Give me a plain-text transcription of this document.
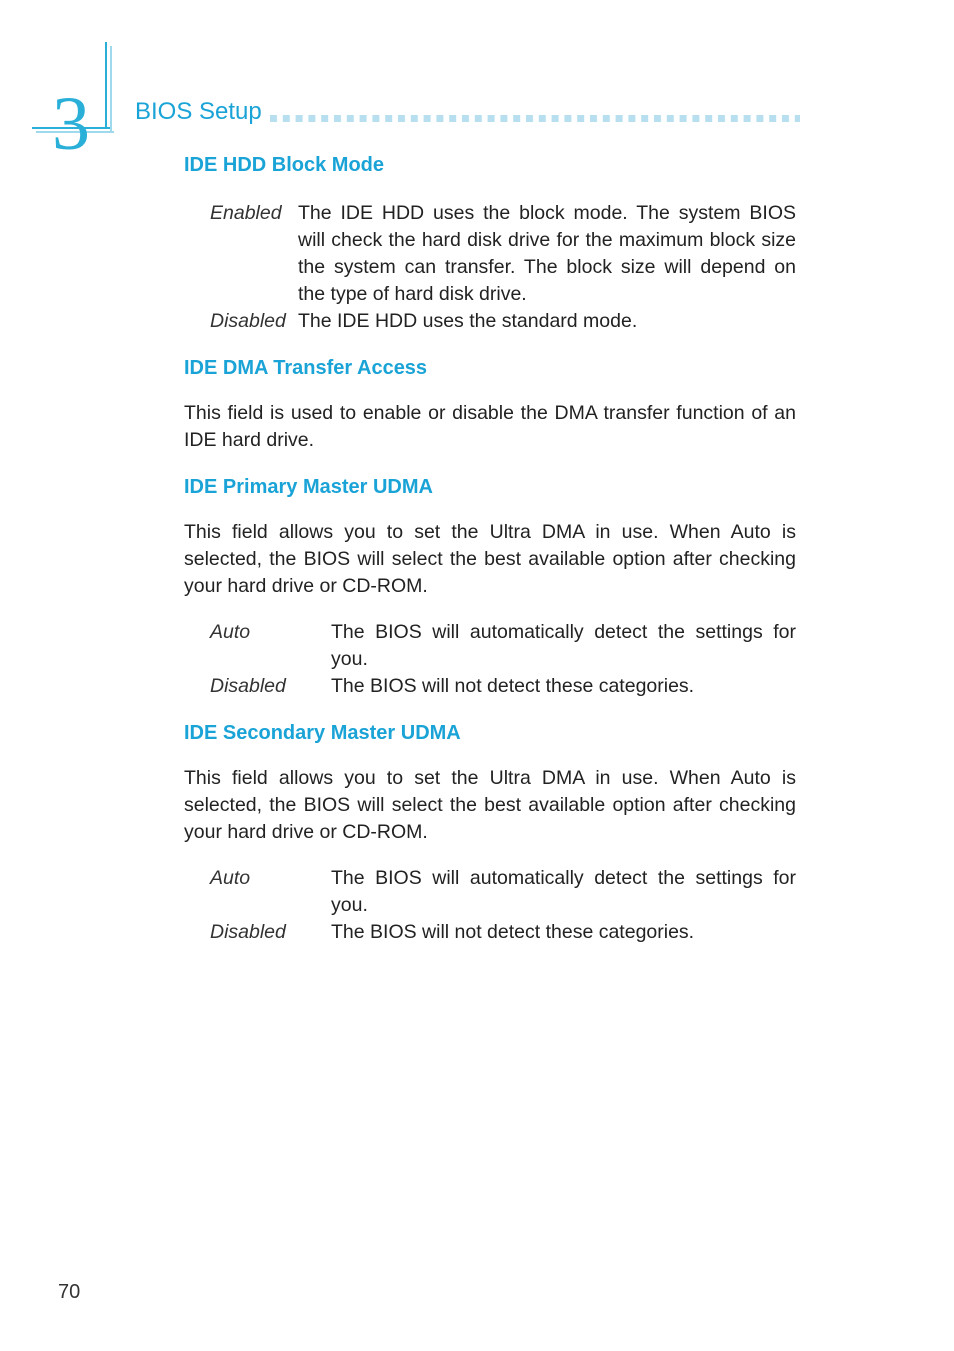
3 BIOS Setup
IDE HDD Block Mode
Enabled	The IDE HDD uses the block mode. The system BIOS will check the hard disk drive for the maximum block size the system can transfer. The block size will depend on the type of hard disk drive.
Disabled	The IDE HDD uses the standard mode.
IDE DMA Transfer Access

This field is used to enable or disable the DMA transfer function of an IDE hard drive.

IDE Primary Master UDMA

This field allows you to set the Ultra DMA in use. When Auto is selected, the BIOS will select the best available option after checking your hard drive or CD-ROM.

Auto	The BIOS will automatically detect the settings for you.
Disabled	The BIOS will not detect these categories.
IDE Secondary Master UDMA

This field allows you to set the Ultra DMA in use. When Auto is selected, the BIOS will select the best available option after checking your hard drive or CD-ROM.

Auto	The BIOS will automatically detect the settings for you.
Disabled	The BIOS will not detect these categories.
70
